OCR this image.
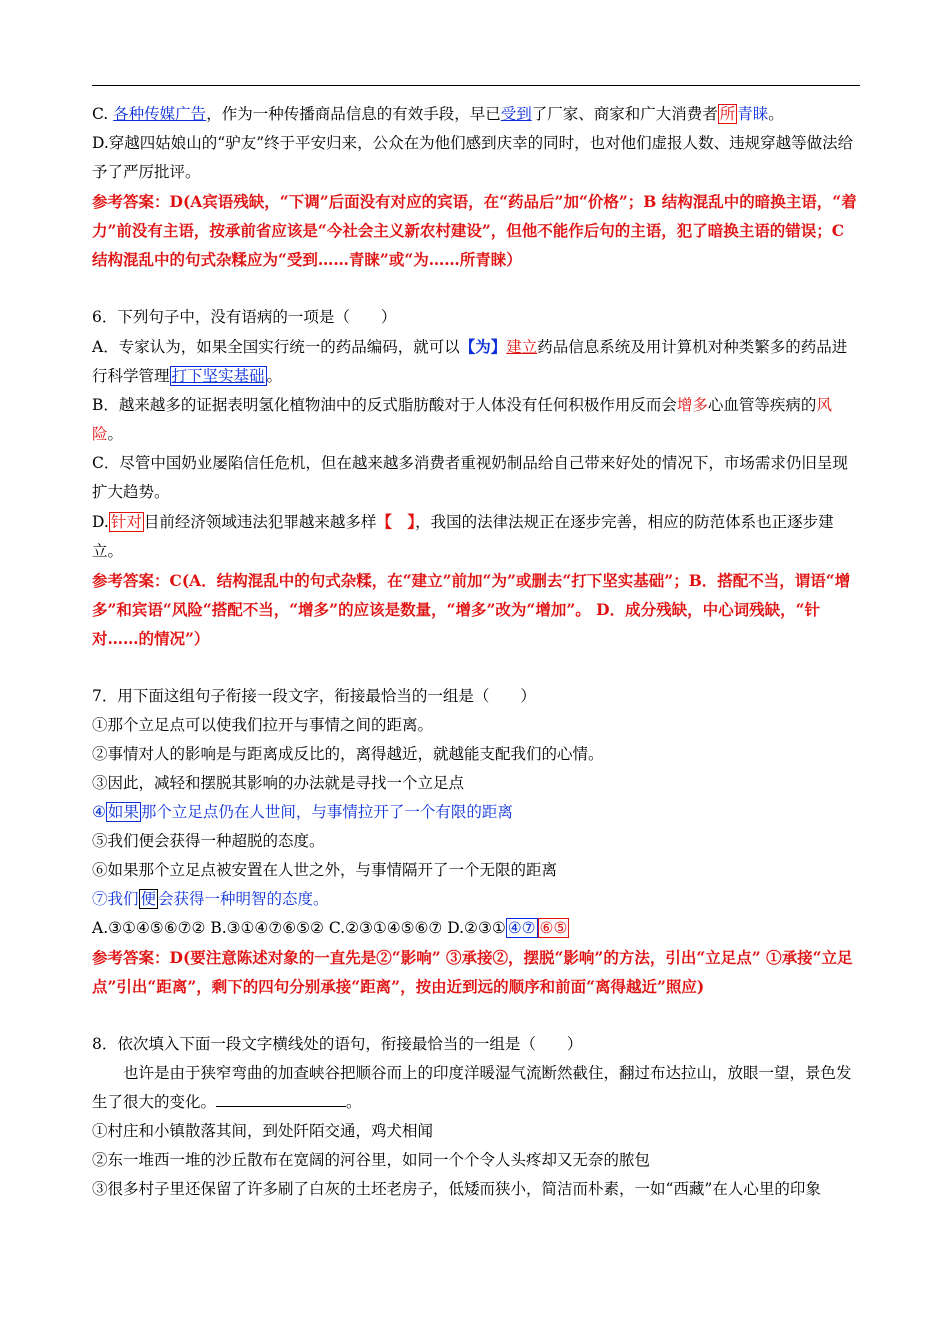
C. 各种传媒广告，作为一种传播商品信息的有效手段，早已受到了厂家、商家和广大消费者 所 青睐。

D.穿越四姑娘山的“驴友”终于平安归来，公众在为他们感到庆幸的同时，也对他们虚报人数、违规穿越等做法给予了严厉批评。

参考答案：D(A宾语残缺，“下调”后面没有对应的宾语，在“药品后”加“价格”；B 结构混乱中的暗换主语，“着力”前没有主语，按承前省应该是“今社会主义新农村建设”，但他不能作后句的主语，犯了暗换主语的错误；C 结构混乱中的句式杂糅应为“受到……青睐”或“为……所青睐）

6．下列句子中，没有语病的一项是（　　）

A．专家认为，如果全国实行统一的药品编码，就可以【为】建立药品信息系统及用计算机对种类繁多的药品进行科学管理 打下坚实基础 。

B．越来越多的证据表明氢化植物油中的反式脂肪酸对于人体没有任何积极作用反而会增多心血管等疾病的风险。

C．尽管中国奶业屡陷信任危机，但在越来越多消费者重视奶制品给自己带来好处的情况下，市场需求仍旧呈现扩大趋势。

D. 针对 目前经济领域违法犯罪越来越多样【　】，我国的法律法规正在逐步完善，相应的防范体系也正逐步建立。

参考答案：C(A．结构混乱中的句式杂糅，在“建立”前加“为”或删去“打下坚实基础”；B．搭配不当，谓语“增多”和宾语“风险“搭配不当，“增多”的应该是数量，“增多”改为“增加”。 D．成分残缺，中心词残缺，“针对……的情况”）

7．用下面这组句子衔接一段文字，衔接最恰当的一组是（　　）

①那个立足点可以使我们拉开与事情之间的距离。

②事情对人的影响是与距离成反比的，离得越近，就越能支配我们的心情。

③因此，减轻和摆脱其影响的办法就是寻找一个立足点

④ 如果 那个立足点仍在人世间，与事情拉开了一个有限的距离

⑤我们便会获得一种超脱的态度。

⑥如果那个立足点被安置在人世之外，与事情隔开了一个无限的距离

⑦我们 便 会获得一种明智的态度。

A.③①④⑤⑥⑦② B.③①④⑦⑥⑤② C.②③①④⑤⑥⑦ D.②③① ④⑦ ⑥⑤

参考答案：D(要注意陈述对象的一直先是②“影响” ③承接②，摆脱“影响”的方法，引出“立足点” ①承接“立足点”引出“距离”，剩下的四句分别承接“距离”，按由近到远的顺序和前面“离得越近”照应)

8．依次填入下面一段文字横线处的语句，衔接最恰当的一组是（　　）

也许是由于狭窄弯曲的加查峡谷把顺谷而上的印度洋暖湿气流断然截住，翻过布达拉山，放眼一望，景色发生了很大的变化。	。

①村庄和小镇散落其间，到处阡陌交通，鸡犬相闻

②东一堆西一堆的沙丘散布在宽阔的河谷里，如同一个个令人头疼却又无奈的脓包

③很多村子里还保留了许多刷了白灰的土坯老房子，低矮而狭小，简洁而朴素，一如“西藏”在人心里的印象
